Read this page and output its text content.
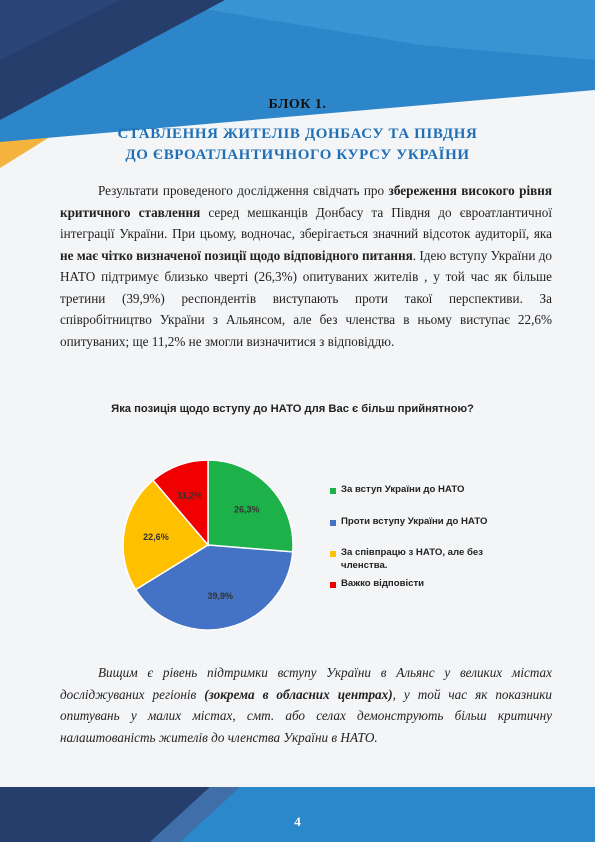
БЛОК 1.
СТАВЛЕННЯ ЖИТЕЛІВ ДОНБАСУ ТА ПІВДНЯ
ДО ЄВРОАТЛАНТИЧНОГО КУРСУ УКРАЇНИ
Результати проведеного дослідження свідчать про збереження високого рівня критичного ставлення серед мешканців Донбасу та Півдня до євроатлантичної інтеграції України. При цьому, водночас, зберігається значний відсоток аудиторії, яка не має чітко визначеної позиції щодо відповідного питання. Ідею вступу України до НАТО підтримує близько чверті (26,3%) опитуваних жителів , у той час як більше третини (39,9%) респондентів виступають проти такої перспективи. За співробітництво України з Альянсом, але без членства в ньому виступає 22,6% опитуваних; ще 11,2% не змогли визначитися з відповіддю.
Яка позиція щодо вступу до НАТО для Вас є більш прийнятною?
26,3%
39,9%
22,6%
11,2%
За вступ України до НАТО
Проти вступу України до НАТО
За співпрацю з НАТО, але без членства.
Важко відповісти
Вищим є рівень підтримки вступу України в Альянс у великих містах досліджуваних регіонів (зокрема в обласних центрах), у той час як показники опитувань у малих містах, смт. або селах демонструють більш критичну налаштованість жителів до членства України в НАТО.
4
